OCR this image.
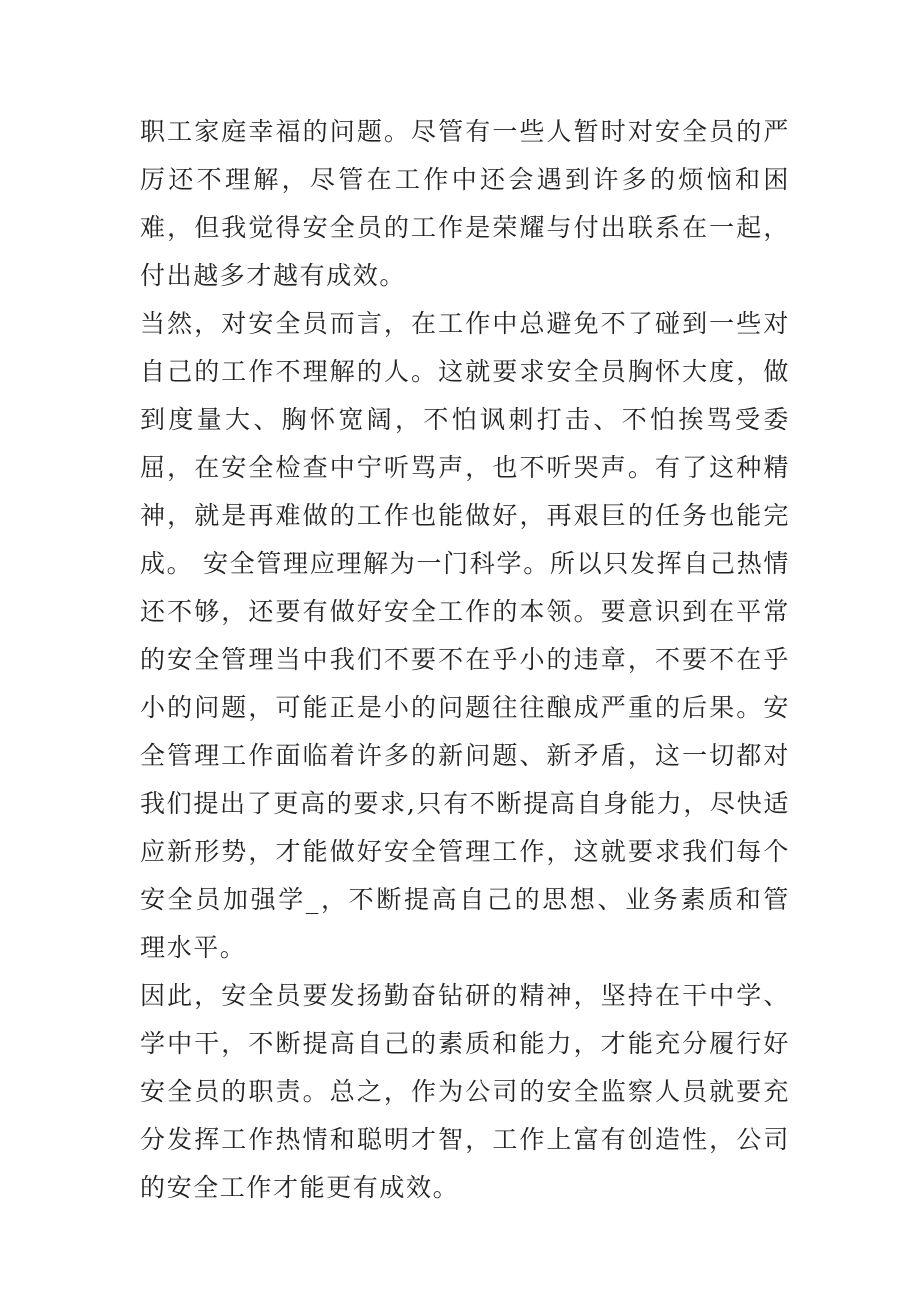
职工家庭幸福的问题。尽管有一些人暂时对安全员的严厉还不理解，尽管在工作中还会遇到许多的烦恼和困难，但我觉得安全员的工作是荣耀与付出联系在一起，付出越多才越有成效。

当然，对安全员而言，在工作中总避免不了碰到一些对自己的工作不理解的人。这就要求安全员胸怀大度，做到度量大、胸怀宽阔，不怕讽刺打击、不怕挨骂受委屈，在安全检查中宁听骂声，也不听哭声。有了这种精神，就是再难做的工作也能做好，再艰巨的任务也能完成。 安全管理应理解为一门科学。所以只发挥自己热情还不够，还要有做好安全工作的本领。要意识到在平常的安全管理当中我们不要不在乎小的违章，不要不在乎小的问题，可能正是小的问题往往酿成严重的后果。安全管理工作面临着许多的新问题、新矛盾，这一切都对我们提出了更高的要求,只有不断提高自身能力，尽快适应新形势，才能做好安全管理工作，这就要求我们每个安全员加强学_，不断提高自己的思想、业务素质和管理水平。

因此，安全员要发扬勤奋钻研的精神，坚持在干中学、学中干，不断提高自己的素质和能力，才能充分履行好安全员的职责。总之，作为公司的安全监察人员就要充分发挥工作热情和聪明才智，工作上富有创造性，公司的安全工作才能更有成效。
